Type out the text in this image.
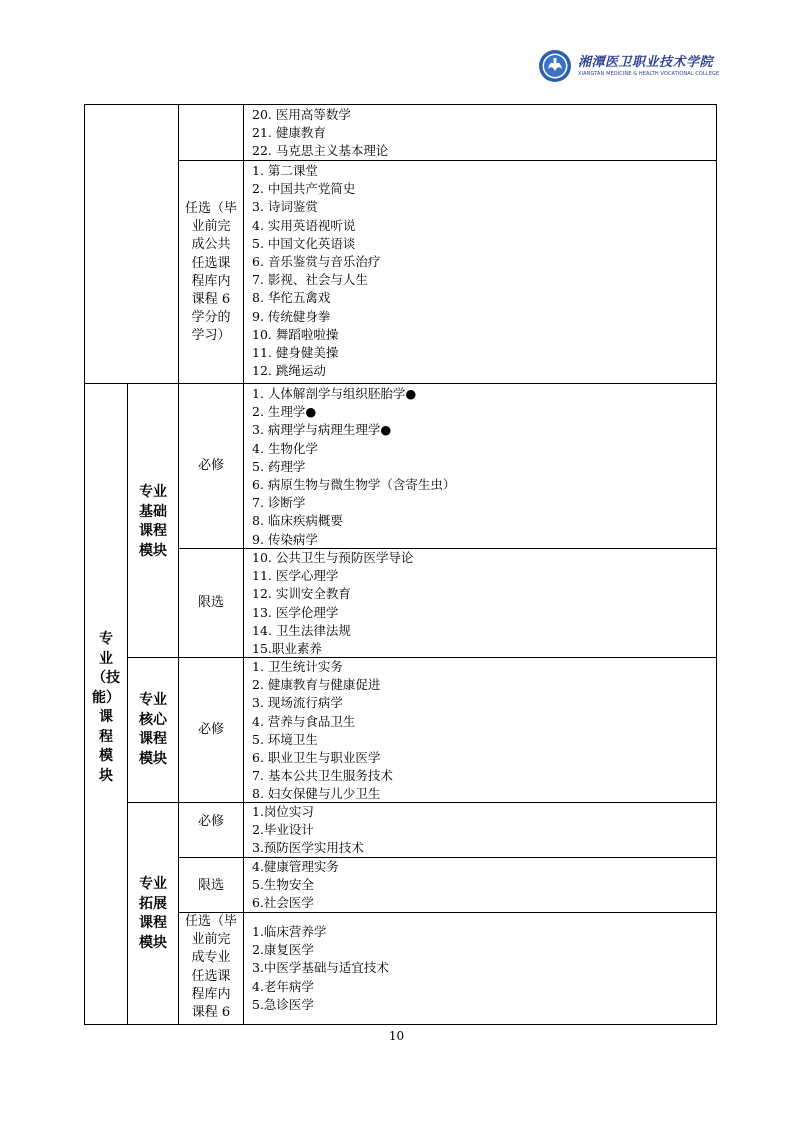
湘潭医卫职业技术学院
XIANGTAN MEDICINE & HEALTH VOCATIONAL COLLEGE
20. 医用高等数学
21. 健康教育
22. 马克思主义基本理论
任选（毕
业前完
成公共
任选课
程库内
课程 6
学分的
学习）
1. 第二课堂
2. 中国共产党简史
3. 诗词鉴赏
4. 实用英语视听说
5. 中国文化英语谈
6. 音乐鉴赏与音乐治疗
7. 影视、社会与人生
8. 华佗五禽戏
9. 传统健身拳
10. 舞蹈啦啦操
11. 健身健美操
12. 跳绳运动
专
业
（技
能）
课
程
模
块
专业
基础
课程
模块
必修
1. 人体解剖学与组织胚胎学●
2. 生理学●
3. 病理学与病理生理学●
4. 生物化学
5. 药理学
6. 病原生物与微生物学（含寄生虫）
7. 诊断学
8. 临床疾病概要
9. 传染病学
限选
10. 公共卫生与预防医学导论
11. 医学心理学
12. 实训安全教育
13. 医学伦理学
14. 卫生法律法规
15.职业素养
专业
核心
课程
模块
必修
1. 卫生统计实务
2. 健康教育与健康促进
3. 现场流行病学
4. 营养与食品卫生
5. 环境卫生
6. 职业卫生与职业医学
7. 基本公共卫生服务技术
8. 妇女保健与儿少卫生
专业
拓展
课程
模块
必修
1.岗位实习
2.毕业设计
3.预防医学实用技术
限选
4.健康管理实务
5.生物安全
6.社会医学
任选（毕
业前完
成专业
任选课
程库内
课程 6
1.临床营养学
2.康复医学
3.中医学基础与适宜技术
4.老年病学
5.急诊医学
10
